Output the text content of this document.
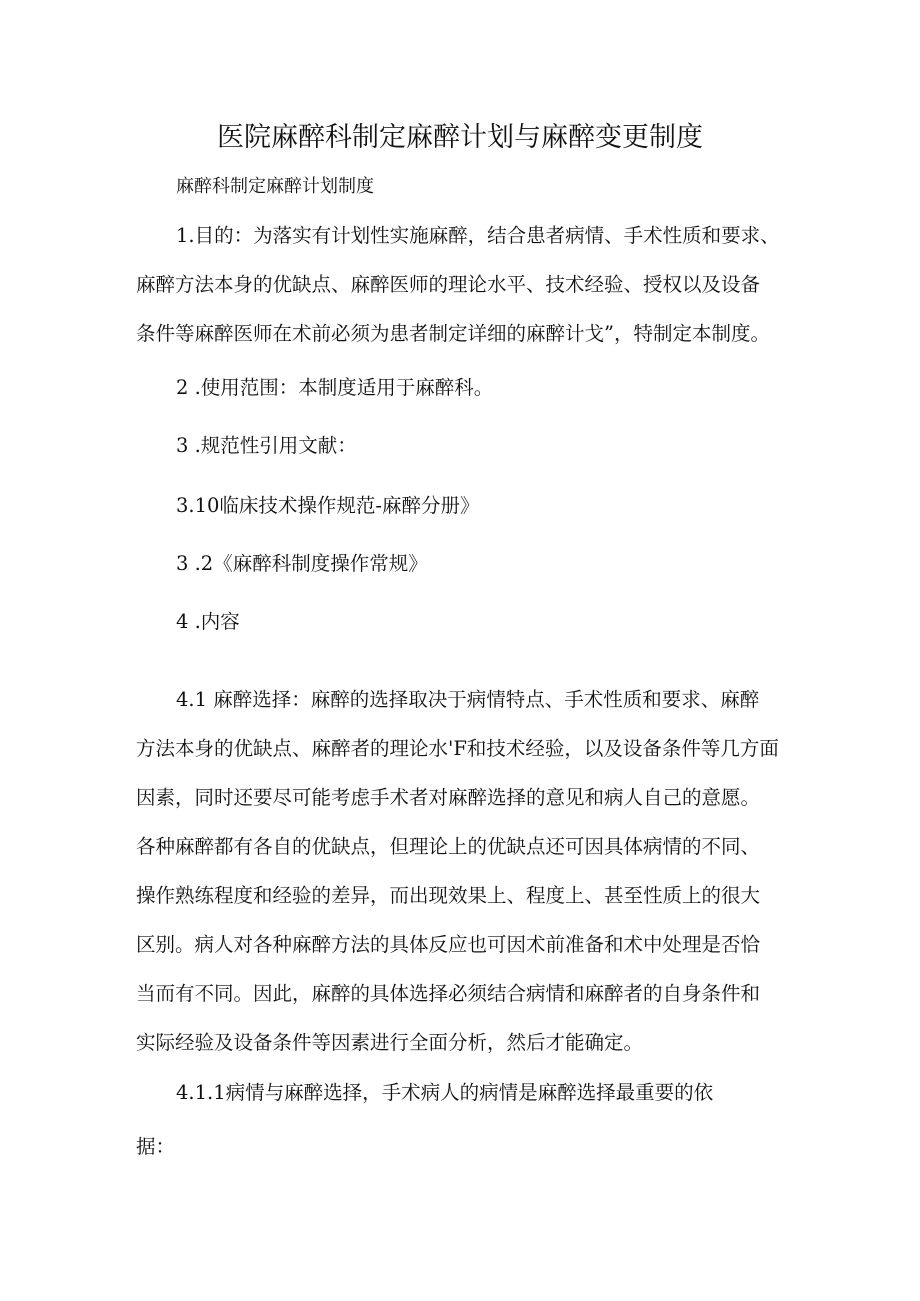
医院麻醉科制定麻醉计划与麻醉变更制度
麻醉科制定麻醉计划制度
1.目的：为落实有计划性实施麻醉，结合患者病情、手术性质和要求、
麻醉方法本身的优缺点、麻醉医师的理论水平、技术经验、授权以及设备
条件等麻醉医师在术前必须为患者制定详细的麻醉计戈”，特制定本制度。
2 .使用范围：本制度适用于麻醉科。
3 .规范性引用文献：
3.10临床技术操作规范-麻醉分册》
3 .2《麻醉科制度操作常规》
4 .内容
4.1 麻醉选择：麻醉的选择取决于病情特点、手术性质和要求、麻醉
方法本身的优缺点、麻醉者的理论水'F和技术经验，以及设备条件等几方面
因素，同时还要尽可能考虑手术者对麻醉选择的意见和病人自己的意愿。
各种麻醉都有各自的优缺点，但理论上的优缺点还可因具体病情的不同、
操作熟练程度和经验的差异，而出现效果上、程度上、甚至性质上的很大
区别。病人对各种麻醉方法的具体反应也可因术前准备和术中处理是否恰
当而有不同。因此，麻醉的具体选择必须结合病情和麻醉者的自身条件和
实际经验及设备条件等因素进行全面分析，然后才能确定。
4.1.1病情与麻醉选择，手术病人的病情是麻醉选择最重要的依
据：
